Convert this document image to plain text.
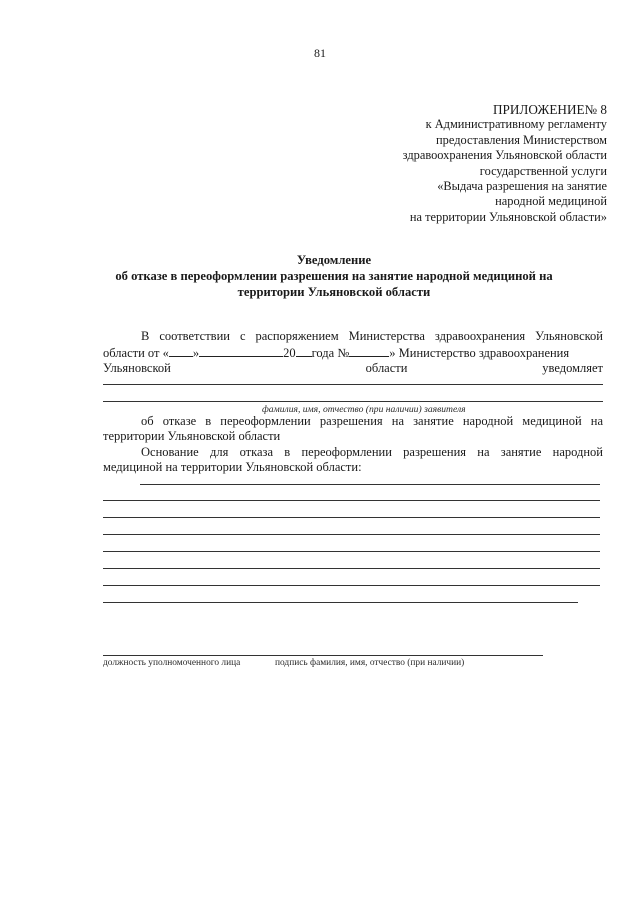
81
ПРИЛОЖЕНИЕ№ 8
к Административному регламенту
предоставления Министерством
здравоохранения Ульяновской области
государственной услуги
«Выдача разрешения на занятие
народной медициной
на территории Ульяновской области»
Уведомление
об отказе в переоформлении разрешения на занятие народной медициной на
территории Ульяновской области
В соответствии с распоряжением Министерства здравоохранения Ульяновской
области от « »	20 года №	» Министерство здравоохранения
Ульяновской	области	уведомляет
фамилия, имя, отчество (при наличии) заявителя
об отказе в переоформлении разрешения на занятие народной медициной на
территории Ульяновской области
Основание для отказа в переоформлении разрешения на занятие народной
медициной на территории Ульяновской области:
должность уполномоченного лица	подпись фамилия, имя, отчество (при наличии)
